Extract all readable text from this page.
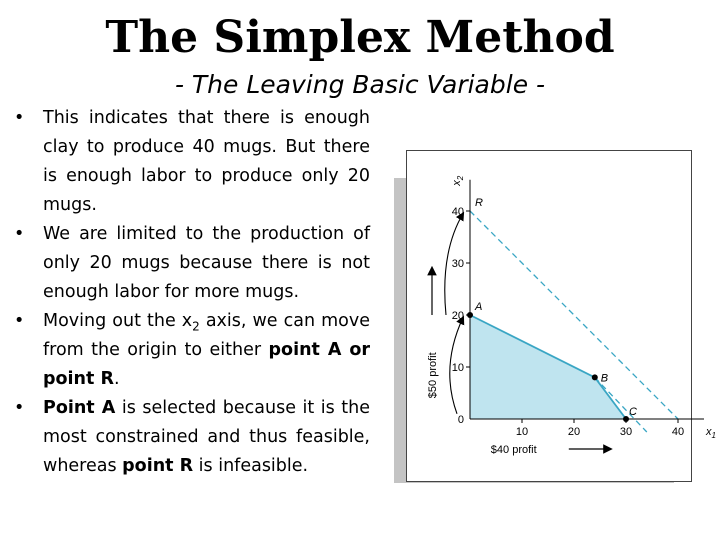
The Simplex Method
- The Leaving Basic Variable -
• This indicates that there is enough clay to produce 40 mugs. But there is enough labor to produce only 20 mugs.
• We are limited to the production of only 20 mugs because there is not enough labor for more mugs.
• Moving out the $x_2$ axis, we can move from the origin to either point A or point R.
• Point A is selected because it is the most constrained and thus feasible, whereas point R is infeasible.
10	20	30	40
10
20
30
40
0
$x_1$
$x_2$
$40 profit
$50 profit
R
A
B
C
